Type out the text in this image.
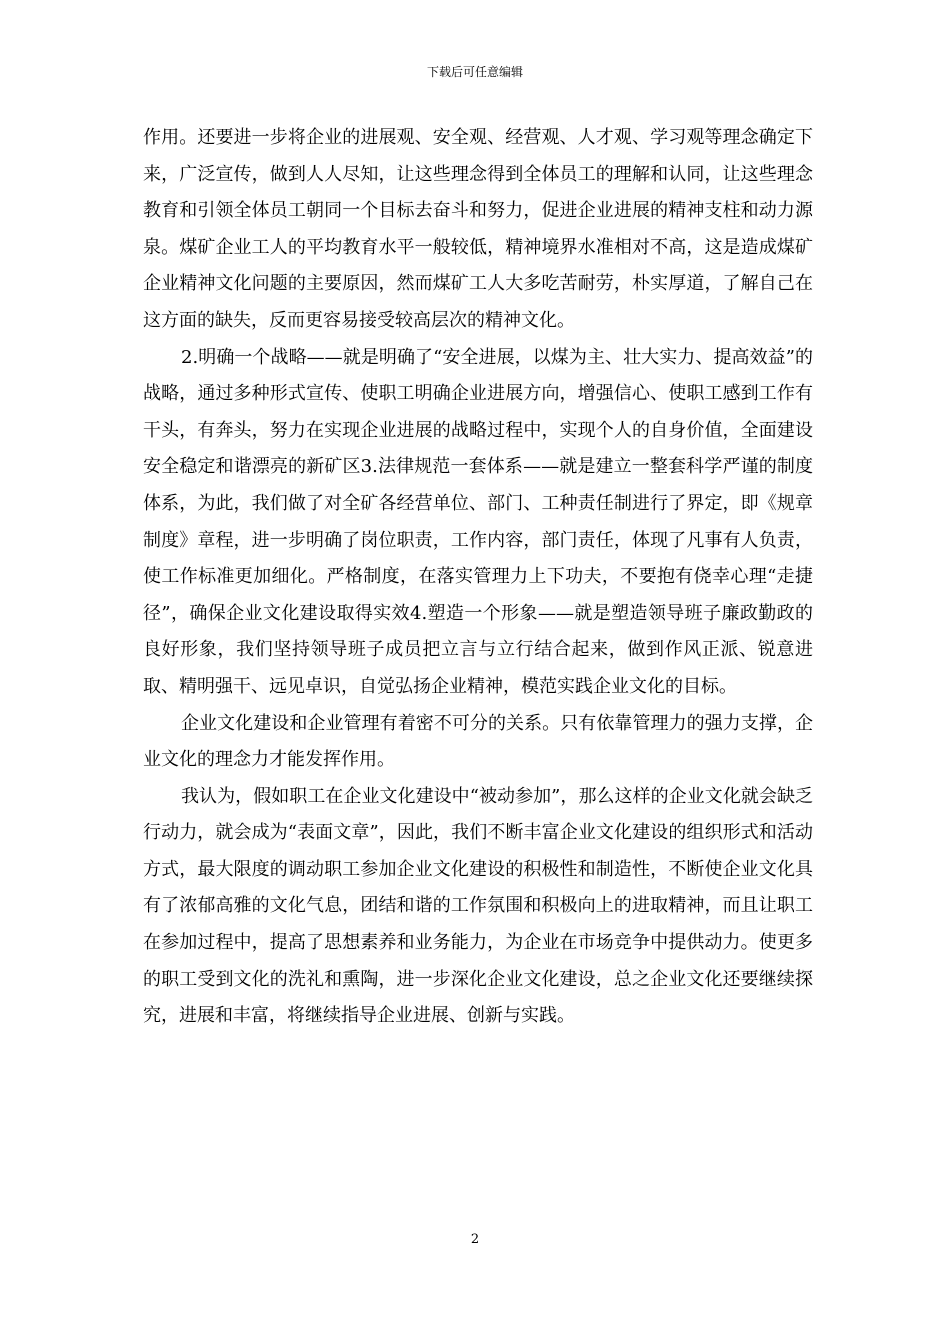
下载后可任意编辑

作用。还要进一步将企业的进展观、安全观、经营观、人才观、学习观等理念确定下来，广泛宣传，做到人人尽知，让这些理念得到全体员工的理解和认同，让这些理念教育和引领全体员工朝同一个目标去奋斗和努力，促进企业进展的精神支柱和动力源泉。煤矿企业工人的平均教育水平一般较低，精神境界水准相对不高，这是造成煤矿企业精神文化问题的主要原因，然而煤矿工人大多吃苦耐劳，朴实厚道，了解自己在这方面的缺失，反而更容易接受较高层次的精神文化。

2.明确一个战略——就是明确了“安全进展，以煤为主、壮大实力、提高效益”的战略，通过多种形式宣传、使职工明确企业进展方向，增强信心、使职工感到工作有干头，有奔头，努力在实现企业进展的战略过程中，实现个人的自身价值，全面建设安全稳定和谐漂亮的新矿区3.法律规范一套体系——就是建立一整套科学严谨的制度体系，为此，我们做了对全矿各经营单位、部门、工种责任制进行了界定，即《规章制度》章程，进一步明确了岗位职责，工作内容，部门责任，体现了凡事有人负责，使工作标准更加细化。严格制度，在落实管理力上下功夫，不要抱有侥幸心理“走捷径”，确保企业文化建设取得实效4.塑造一个形象——就是塑造领导班子廉政勤政的良好形象，我们坚持领导班子成员把立言与立行结合起来，做到作风正派、锐意进取、精明强干、远见卓识，自觉弘扬企业精神，模范实践企业文化的目标。

企业文化建设和企业管理有着密不可分的关系。只有依靠管理力的强力支撑，企业文化的理念力才能发挥作用。

我认为，假如职工在企业文化建设中“被动参加”，那么这样的企业文化就会缺乏行动力，就会成为“表面文章”，因此，我们不断丰富企业文化建设的组织形式和活动方式，最大限度的调动职工参加企业文化建设的积极性和制造性，不断使企业文化具有了浓郁高雅的文化气息，团结和谐的工作氛围和积极向上的进取精神，而且让职工在参加过程中，提高了思想素养和业务能力，为企业在市场竞争中提供动力。使更多的职工受到文化的洗礼和熏陶，进一步深化企业文化建设，总之企业文化还要继续探究，进展和丰富，将继续指导企业进展、创新与实践。

2
